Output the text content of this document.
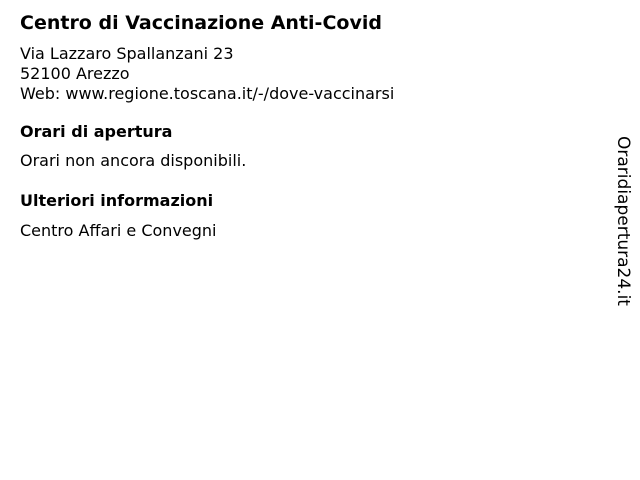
Centro di Vaccinazione Anti-Covid
Via Lazzaro Spallanzani 23
52100 Arezzo
Web: www.regione.toscana.it/-/dove-vaccinarsi
Orari di apertura
Orari non ancora disponibili.
Ulteriori informazioni
Centro Affari e Convegni	Oraridiapertura24.it
